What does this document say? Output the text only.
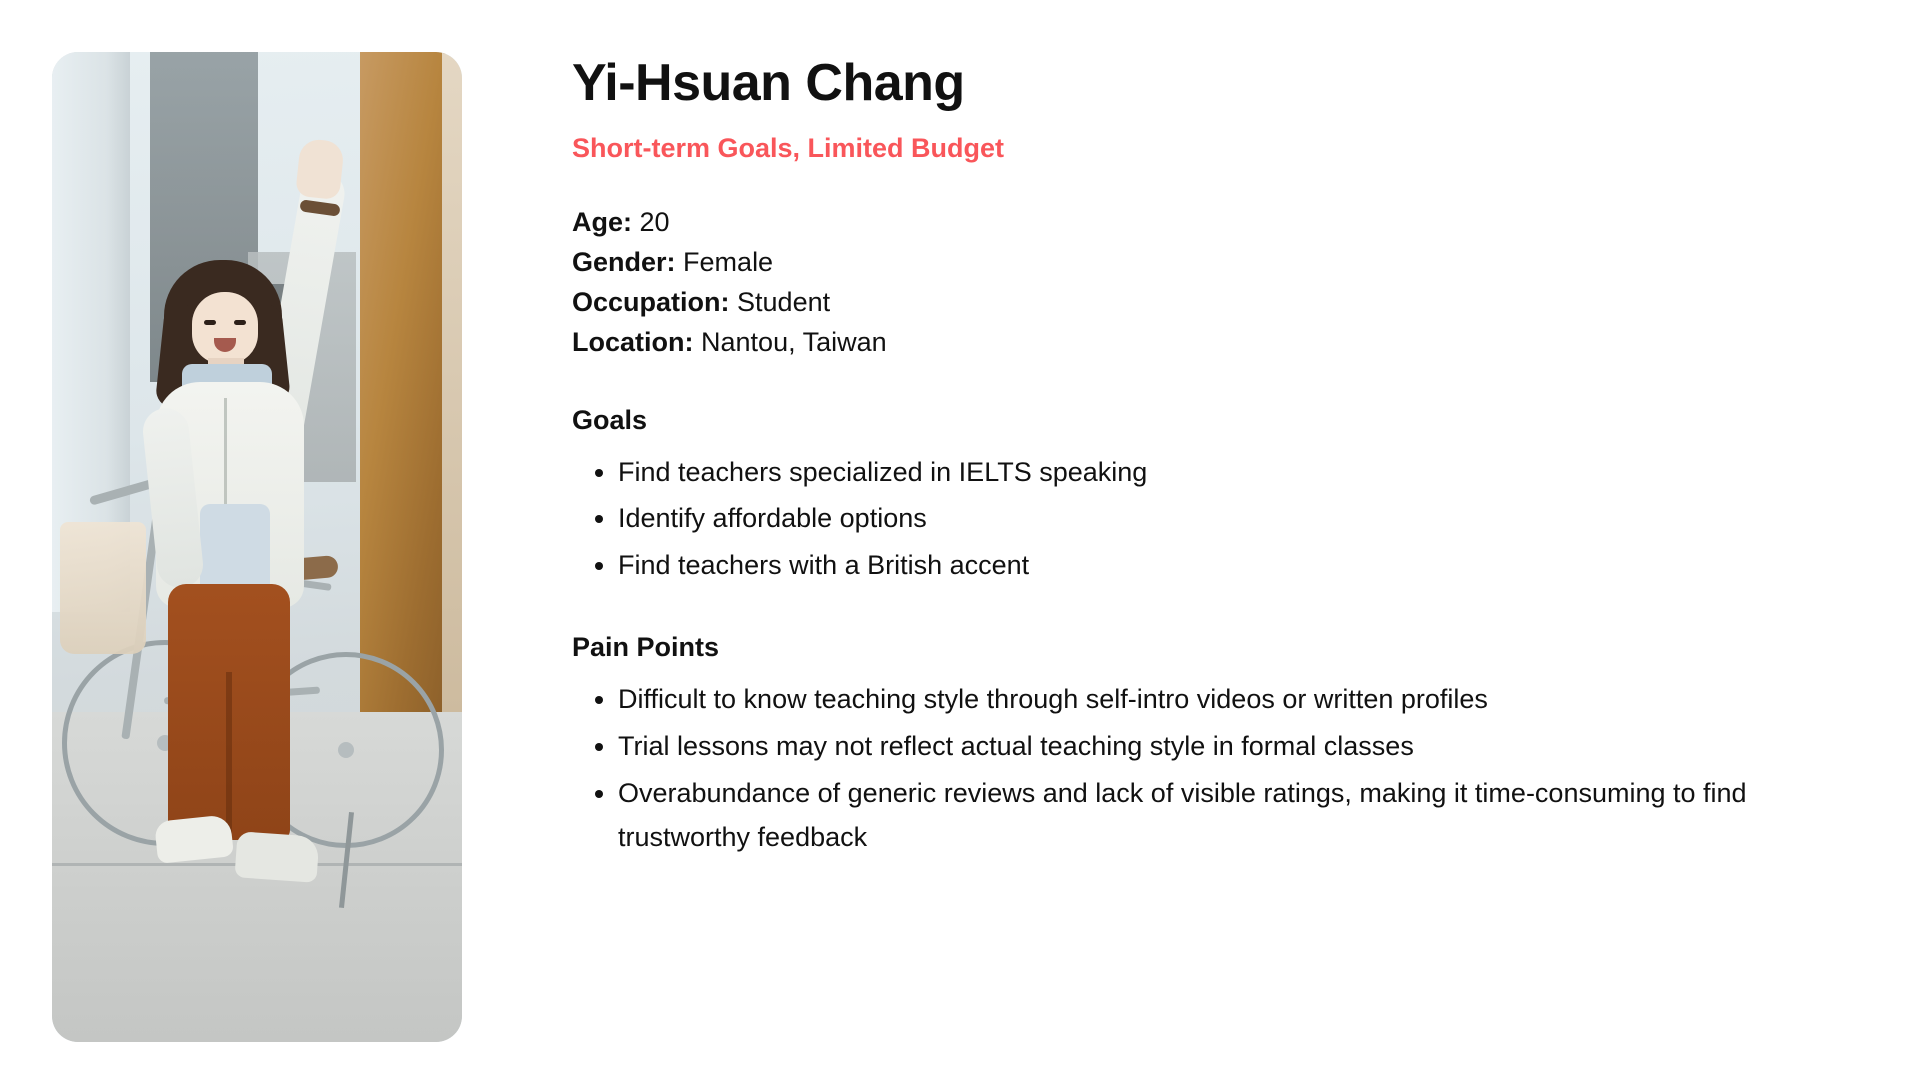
Yi-Hsuan Chang
Short-term Goals, Limited Budget
Age: 20
Gender: Female
Occupation: Student
Location: Nantou, Taiwan
Goals
• Find teachers specialized in IELTS speaking
• Identify affordable options
• Find teachers with a British accent
Pain Points
• Difficult to know teaching style through self-intro videos or written profiles
• Trial lessons may not reflect actual teaching style in formal classes
• Overabundance of generic reviews and lack of visible ratings, making it time-consuming to find trustworthy feedback
